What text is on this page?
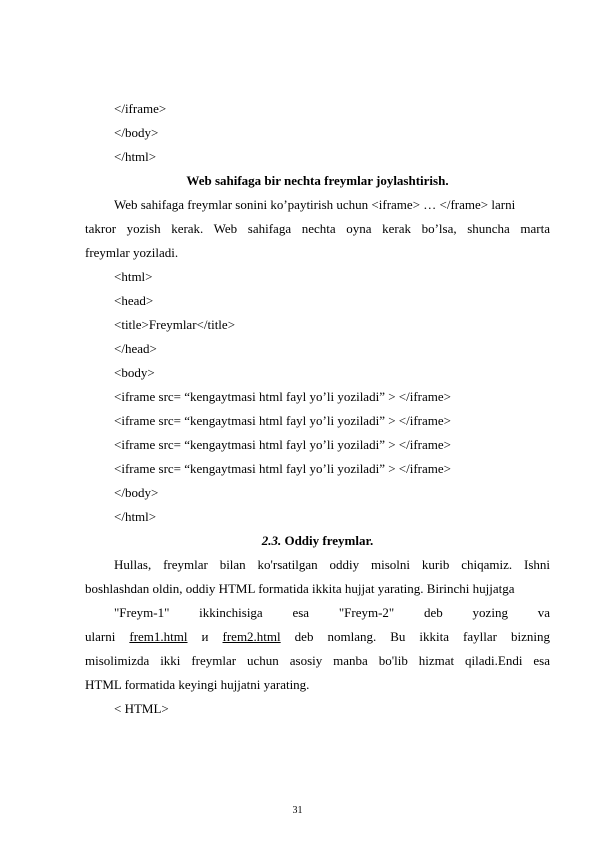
</iframe>
</body>
</html>
Web sahifaga bir nechta freymlar joylashtirish.
Web sahifaga freymlar sonini ko’paytirish uchun <iframe> … </frame> larni
takror yozish kerak. Web sahifaga nechta oyna kerak bo’lsa, shuncha marta
freymlar yoziladi.
<html>
<head>
<title>Freymlar</title>
</head>
<body>
<iframe src= “kengaytmasi html fayl yo’li yoziladi” > </iframe>
<iframe src= “kengaytmasi html fayl yo’li yoziladi” > </iframe>
<iframe src= “kengaytmasi html fayl yo’li yoziladi” > </iframe>
<iframe src= “kengaytmasi html fayl yo’li yoziladi” > </iframe>
</body>
</html>
2.3. Oddiy freymlar.
Hullas, freymlar bilan ko'rsatilgan oddiy misolni kurib chiqamiz. Ishni
boshlashdan oldin, oddiy HTML formatida ikkita hujjat yarating. Birinchi hujjatga
"Freym-1" ikkinchisiga esa "Freym-2" deb yozing va
ularni frem1.html и frem2.html deb nomlang. Bu ikkita fayllar bizning
misolimizda ikki freymlar uchun asosiy manba bo'lib hizmat qiladi.Endi esa
HTML formatida keyingi hujjatni yarating.
< HTML>
31
